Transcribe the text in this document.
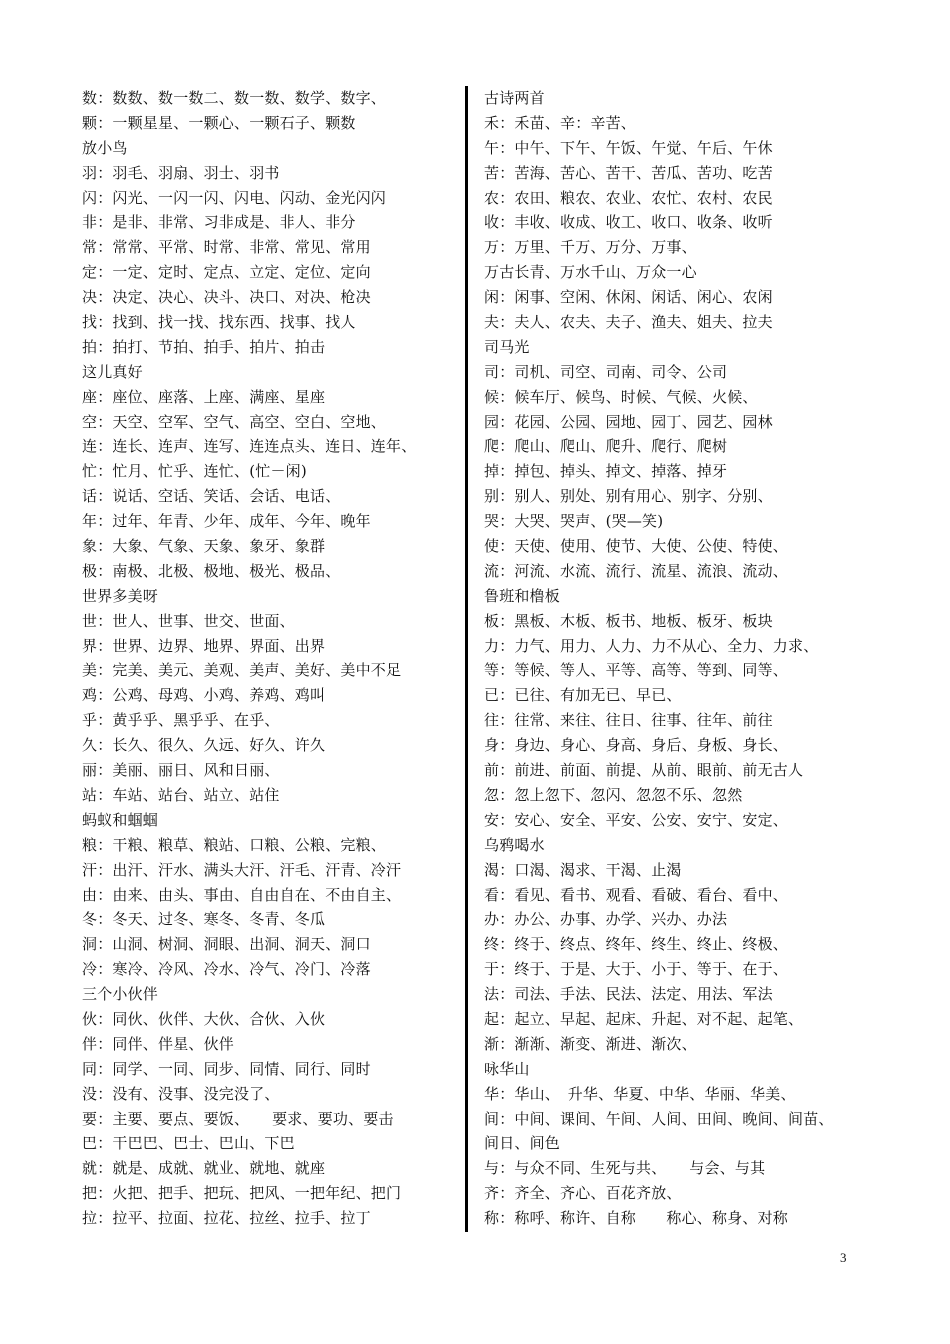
数：数数、数一数二、数一数、数学、数字、
颗：一颗星星、一颗心、一颗石子、颗数
放小鸟
羽：羽毛、羽扇、羽士、羽书
闪：闪光、一闪一闪、闪电、闪动、金光闪闪
非：是非、非常、习非成是、非人、非分
常：常常、平常、时常、非常、常见、常用
定：一定、定时、定点、立定、定位、定向
决：决定、决心、决斗、决口、对决、枪决
找：找到、找一找、找东西、找事、找人
拍：拍打、节拍、拍手、拍片、拍击
这儿真好
座：座位、座落、上座、满座、星座
空：天空、空军、空气、高空、空白、空地、
连：连长、连声、连写、连连点头、连日、连年、
忙：忙月、忙乎、连忙、(忙－闲)
话：说话、空话、笑话、会话、电话、
年：过年、年青、少年、成年、今年、晚年
象：大象、气象、天象、象牙、象群
极：南极、北极、极地、极光、极品、
世界多美呀
世：世人、世事、世交、世面、
界：世界、边界、地界、界面、出界
美：完美、美元、美观、美声、美好、美中不足
鸡：公鸡、母鸡、小鸡、养鸡、鸡叫
乎：黄乎乎、黑乎乎、在乎、
久：长久、很久、久远、好久、许久
丽：美丽、丽日、风和日丽、
站：车站、站台、站立、站住
蚂蚁和蝈蝈
粮：干粮、粮草、粮站、口粮、公粮、完粮、
汗：出汗、汗水、满头大汗、汗毛、汗青、冷汗
由：由来、由头、事由、自由自在、不由自主、
冬：冬天、过冬、寒冬、冬青、冬瓜
洞：山洞、树洞、洞眼、出洞、洞天、洞口
冷：寒冷、冷风、冷水、冷气、冷门、冷落
三个小伙伴
伙：同伙、伙伴、大伙、合伙、入伙
伴：同伴、伴星、伙伴
同：同学、一同、同步、同情、同行、同时
没：没有、没事、没完没了、
要：主要、要点、要饭、　　要求、要功、要击
巴：干巴巴、巴士、巴山、下巴
就：就是、成就、就业、就地、就座
把：火把、把手、把玩、把风、一把年纪、把门
拉：拉平、拉面、拉花、拉丝、拉手、拉丁
古诗两首
禾：禾苗、辛：辛苦、
午：中午、下午、午饭、午觉、午后、午休
苦：苦海、苦心、苦干、苦瓜、苦功、吃苦
农：农田、粮农、农业、农忙、农村、农民
收：丰收、收成、收工、收口、收条、收听
万：万里、千万、万分、万事、
万古长青、万水千山、万众一心
闲：闲事、空闲、休闲、闲话、闲心、农闲
夫：夫人、农夫、夫子、渔夫、姐夫、拉夫
司马光
司：司机、司空、司南、司令、公司
候：候车厅、候鸟、时候、气候、火候、
园：花园、公园、园地、园丁、园艺、园林
爬：爬山、爬山、爬升、爬行、爬树
掉：掉包、掉头、掉文、掉落、掉牙
别：别人、别处、别有用心、别字、分别、
哭：大哭、哭声、(哭—笑)
使：天使、使用、使节、大使、公使、特使、
流：河流、水流、流行、流星、流浪、流动、
鲁班和橹板
板：黑板、木板、板书、地板、板牙、板块
力：力气、用力、人力、力不从心、全力、力求、
等：等候、等人、平等、高等、等到、同等、
已：已往、有加无已、早已、
往：往常、来往、往日、往事、往年、前往
身：身边、身心、身高、身后、身板、身长、
前：前进、前面、前提、从前、眼前、前无古人
忽：忽上忽下、忽闪、忽忽不乐、忽然
安：安心、安全、平安、公安、安宁、安定、
乌鸦喝水
渴：口渴、渴求、干渴、止渴
看：看见、看书、观看、看破、看台、看中、
办：办公、办事、办学、兴办、办法
终：终于、终点、终年、终生、终止、终极、
于：终于、于是、大于、小于、等于、在于、
法：司法、手法、民法、法定、用法、军法
起：起立、早起、起床、升起、对不起、起笔、
渐：渐渐、渐变、渐进、渐次、
咏华山
华：华山、　升华、华夏、中华、华丽、华美、
间：中间、课间、午间、人间、田间、晚间、间苗、
间日、间色
与：与众不同、生死与共、　　与会、与其
齐：齐全、齐心、百花齐放、
称：称呼、称许、自称　　称心、称身、对称
3
